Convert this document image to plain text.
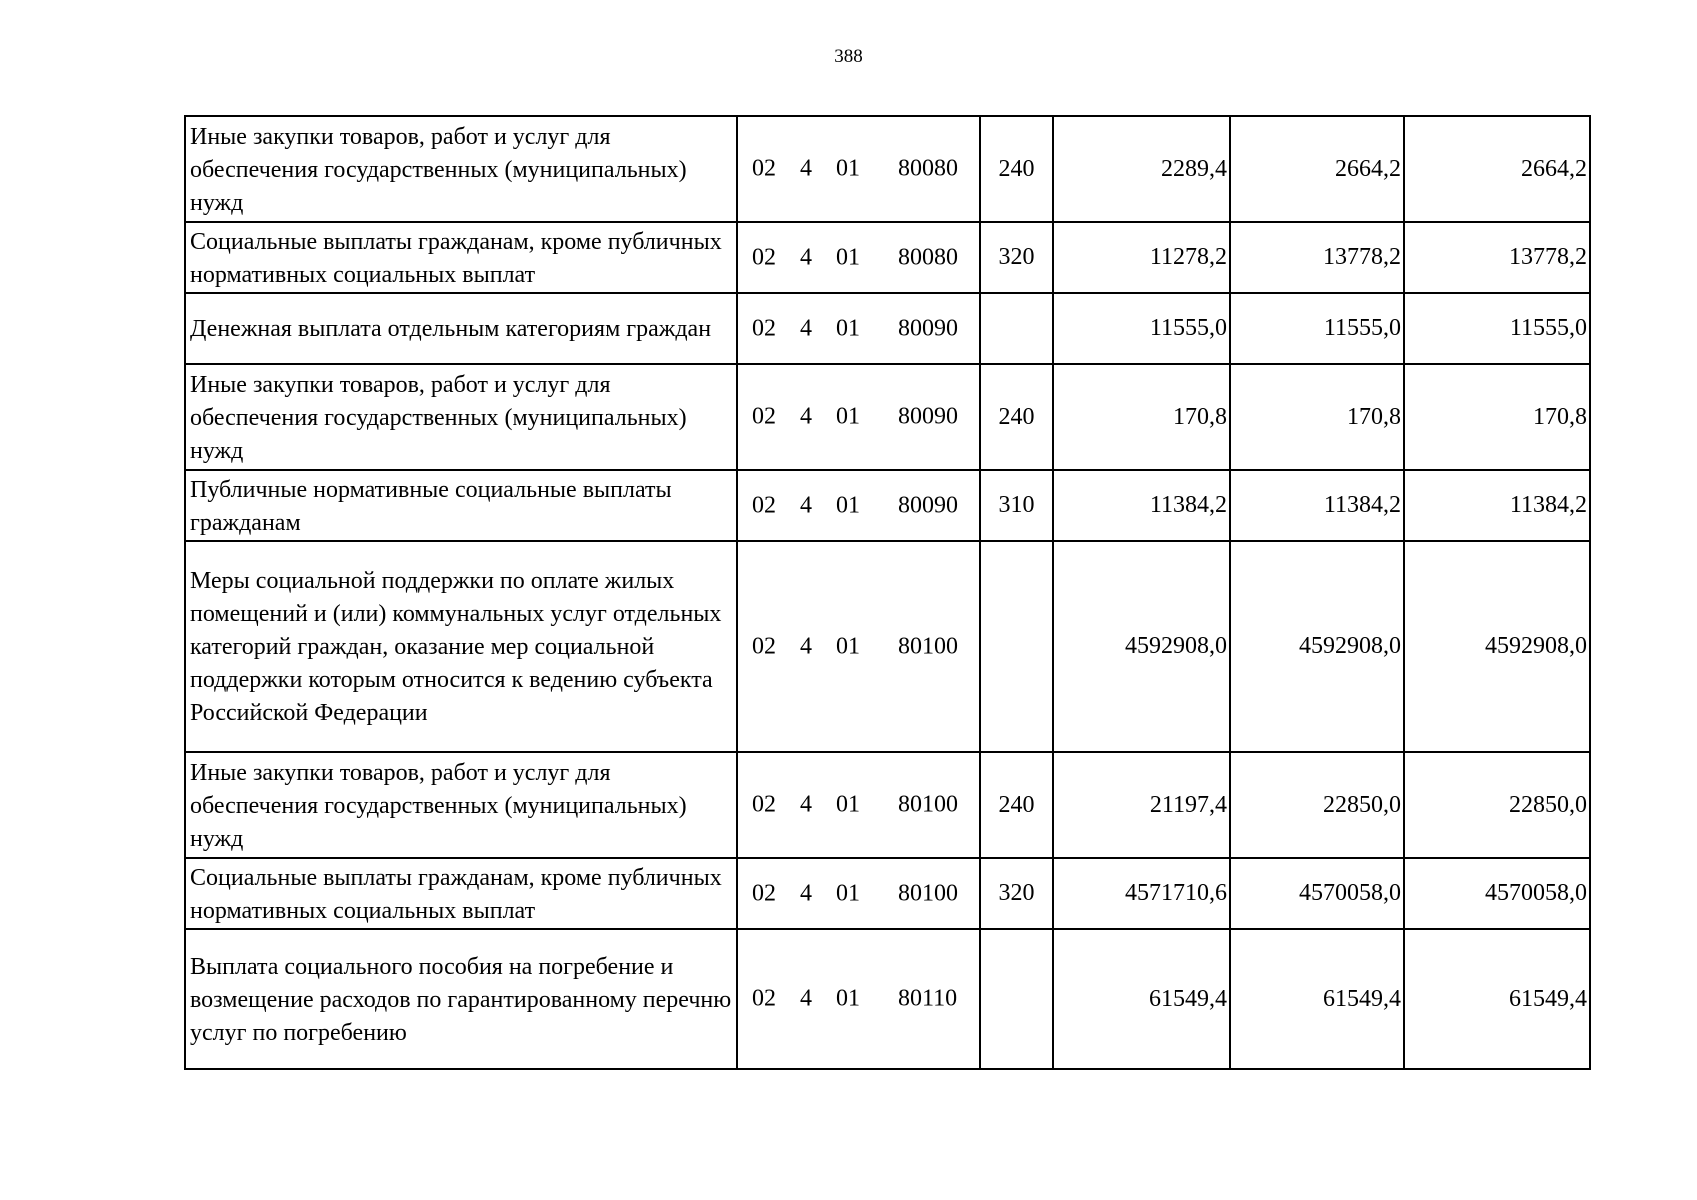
388
Иные закупки товаров, работ и услуг для обеспечения государственных (муниципальных) нужд	02 4 01 80080	240	2289,4	2664,2	2664,2
Социальные выплаты гражданам, кроме публичных нормативных социальных выплат	02 4 01 80080	320	11278,2	13778,2	13778,2
Денежная выплата отдельным категориям граждан	02 4 01 80090		11555,0	11555,0	11555,0
Иные закупки товаров, работ и услуг для обеспечения государственных (муниципальных) нужд	02 4 01 80090	240	170,8	170,8	170,8
Публичные нормативные социальные выплаты гражданам	02 4 01 80090	310	11384,2	11384,2	11384,2
Меры социальной поддержки по оплате жилых помещений и (или) коммунальных услуг отдельных категорий граждан, оказание мер социальной поддержки которым относится к ведению субъекта Российской Федерации	02 4 01 80100		4592908,0	4592908,0	4592908,0
Иные закупки товаров, работ и услуг для обеспечения государственных (муниципальных) нужд	02 4 01 80100	240	21197,4	22850,0	22850,0
Социальные выплаты гражданам, кроме публичных нормативных социальных выплат	02 4 01 80100	320	4571710,6	4570058,0	4570058,0
Выплата социального пособия на погребение и возмещение расходов по гарантированному перечню услуг по погребению	02 4 01 80110		61549,4	61549,4	61549,4
